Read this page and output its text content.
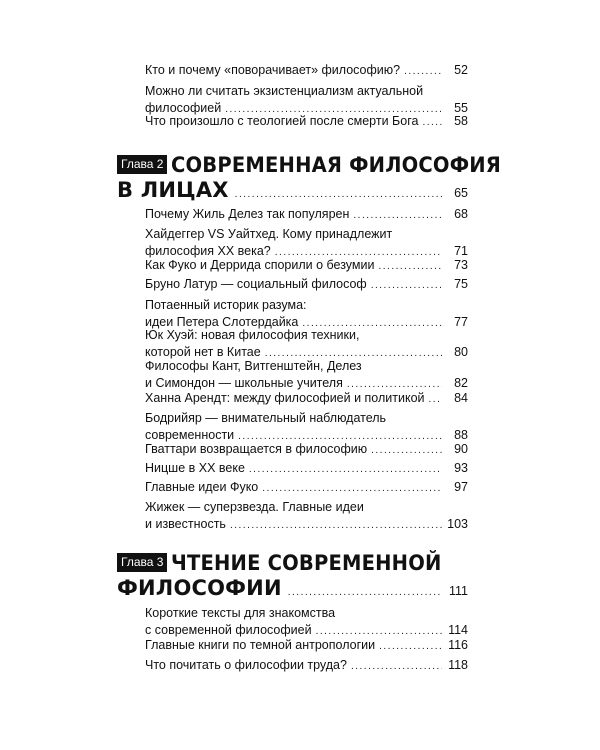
Кто и почему «поворачивает» философию? .....	52
Можно ли считать экзистенциализм актуальной
философией .....	55
Что произошло с теологией после смерти Бога .....	58
Глава 2 СОВРЕМЕННАЯ ФИЛОСОФИЯ
В ЛИЦАХ .....	65
Почему Жиль Делез так популярен .....	68
Хайдеггер VS Уайтхед. Кому принадлежит
философия XX века? .....	71
Как Фуко и Деррида спорили о безумии .....	73
Бруно Латур — социальный философ .....	75
Потаенный историк разума:
идеи Петера Слотердайка .....	77
Юк Хуэй: новая философия техники,
которой нет в Китае .....	80
Философы Кант, Витгенштейн, Делез
и Симондон — школьные учителя .....	82
Ханна Арендт: между философией и политикой .....	84
Бодрийяр — внимательный наблюдатель
современности .....	88
Гваттари возвращается в философию .....	90
Ницше в XX веке .....	93
Главные идеи Фуко .....	97
Жижек — суперзвезда. Главные идеи
и известность .....	103
Глава 3 ЧТЕНИЕ СОВРЕМЕННОЙ
ФИЛОСОФИИ .....	111
Короткие тексты для знакомства
с современной философией .....	114
Главные книги по темной антропологии .....	116
Что почитать о философии труда? .....	118
